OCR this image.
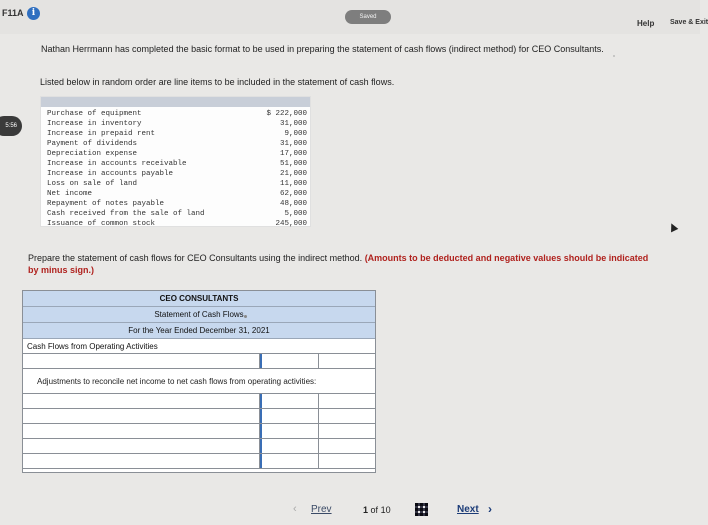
F11A i	Saved
Help Save & Exit
5:56

Nathan Herrmann has completed the basic format to be used in preparing the statement of cash flows (indirect method) for CEO Consultants.

Listed below in random order are line items to be included in the statement of cash flows.

Purchase of equipment	$ 222,000
Increase in inventory	31,000
Increase in prepaid rent	9,000
Payment of dividends	31,000
Depreciation expense	17,000
Increase in accounts receivable	51,000
Increase in accounts payable	21,000
Loss on sale of land	11,000
Net income	62,000
Repayment of notes payable	48,000
Cash received from the sale of land	5,000
Issuance of common stock	245,000

Prepare the statement of cash flows for CEO Consultants using the indirect method. (Amounts to be deducted and negative values should be indicated by minus sign.)

CEO CONSULTANTS
Statement of Cash Flows
For the Year Ended December 31, 2021
Cash Flows from Operating Activities
Adjustments to reconcile net income to net cash flows from operating activities:
‹ Prev	1 of 10	Next ›
